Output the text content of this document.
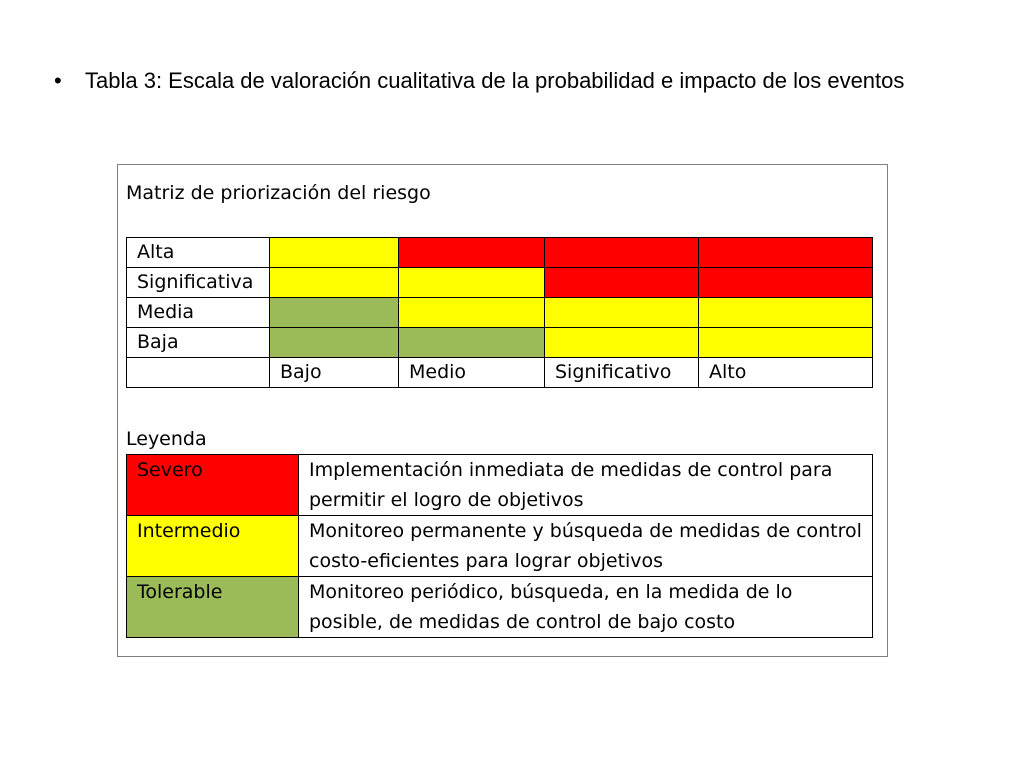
• Tabla 3: Escala de valoración cualitativa de la probabilidad e impacto de los eventos
Matriz de priorización del riesgo
Alta				
Significativa				
Media				
Baja				
	Bajo	Medio	Significativo	Alto
Leyenda
Severo	Implementación inmediata de medidas de control para permitir el logro de objetivos
Intermedio	Monitoreo permanente y búsqueda de medidas de control costo-eficientes para lograr objetivos
Tolerable	Monitoreo periódico, búsqueda, en la medida de lo posible, de medidas de control de bajo costo
